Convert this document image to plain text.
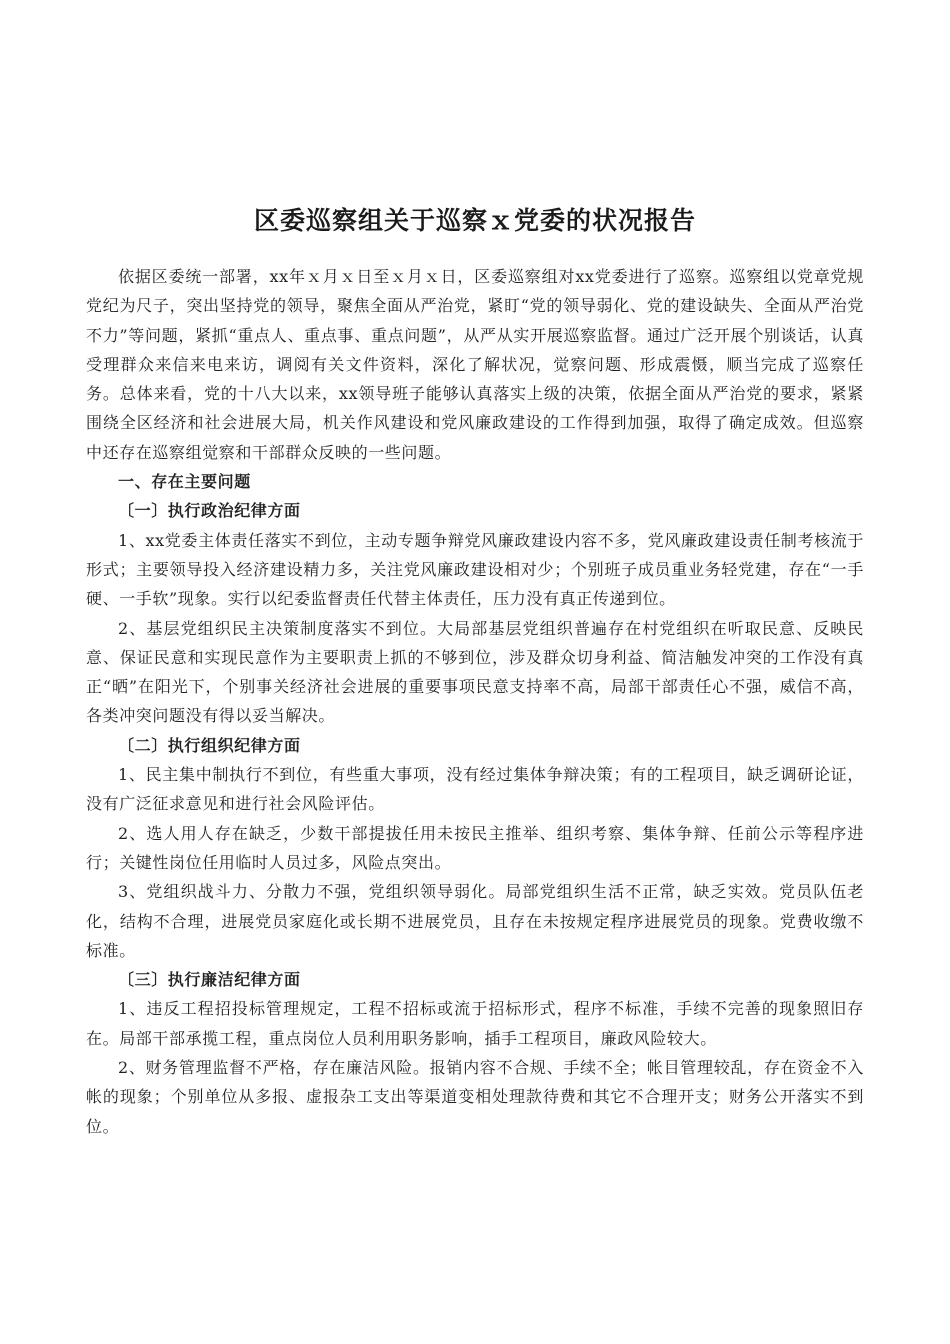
区委巡察组关于巡察ｘ党委的状况报告

依据区委统一部署，xx年ｘ月ｘ日至ｘ月ｘ日，区委巡察组对xx党委进行了巡察。巡察组以党章党规党纪为尺子，突出坚持党的领导，聚焦全面从严治党，紧盯“党的领导弱化、党的建设缺失、全面从严治党不力”等问题，紧抓“重点人、重点事、重点问题”，从严从实开展巡察监督。通过广泛开展个别谈话，认真受理群众来信来电来访，调阅有关文件资料，深化了解状况，觉察问题、形成震慑，顺当完成了巡察任务。总体来看，党的十八大以来，xx领导班子能够认真落实上级的决策，依据全面从严治党的要求，紧紧围绕全区经济和社会进展大局，机关作风建设和党风廉政建设的工作得到加强，取得了确定成效。但巡察中还存在巡察组觉察和干部群众反映的一些问题。

一、存在主要问题

〔一〕执行政治纪律方面

1、xx党委主体责任落实不到位，主动专题争辩党风廉政建设内容不多，党风廉政建设责任制考核流于形式；主要领导投入经济建设精力多，关注党风廉政建设相对少；个别班子成员重业务轻党建，存在“一手硬、一手软”现象。实行以纪委监督责任代替主体责任，压力没有真正传递到位。

2、基层党组织民主决策制度落实不到位。大局部基层党组织普遍存在村党组织在听取民意、反映民意、保证民意和实现民意作为主要职责上抓的不够到位，涉及群众切身利益、简洁触发冲突的工作没有真正“晒”在阳光下，个别事关经济社会进展的重要事项民意支持率不高，局部干部责任心不强，威信不高，各类冲突问题没有得以妥当解决。

〔二〕执行组织纪律方面

1、民主集中制执行不到位，有些重大事项，没有经过集体争辩决策；有的工程项目，缺乏调研论证，没有广泛征求意见和进行社会风险评估。

2、选人用人存在缺乏，少数干部提拔任用未按民主推举、组织考察、集体争辩、任前公示等程序进行；关键性岗位任用临时人员过多，风险点突出。

3、党组织战斗力、分散力不强，党组织领导弱化。局部党组织生活不正常，缺乏实效。党员队伍老化，结构不合理，进展党员家庭化或长期不进展党员，且存在未按规定程序进展党员的现象。党费收缴不标准。

〔三〕执行廉洁纪律方面

1、违反工程招投标管理规定，工程不招标或流于招标形式，程序不标准，手续不完善的现象照旧存在。局部干部承揽工程，重点岗位人员利用职务影响，插手工程项目，廉政风险较大。

2、财务管理监督不严格，存在廉洁风险。报销内容不合规、手续不全；帐目管理较乱，存在资金不入帐的现象；个别单位从多报、虚报杂工支出等渠道变相处理款待费和其它不合理开支；财务公开落实不到位。
